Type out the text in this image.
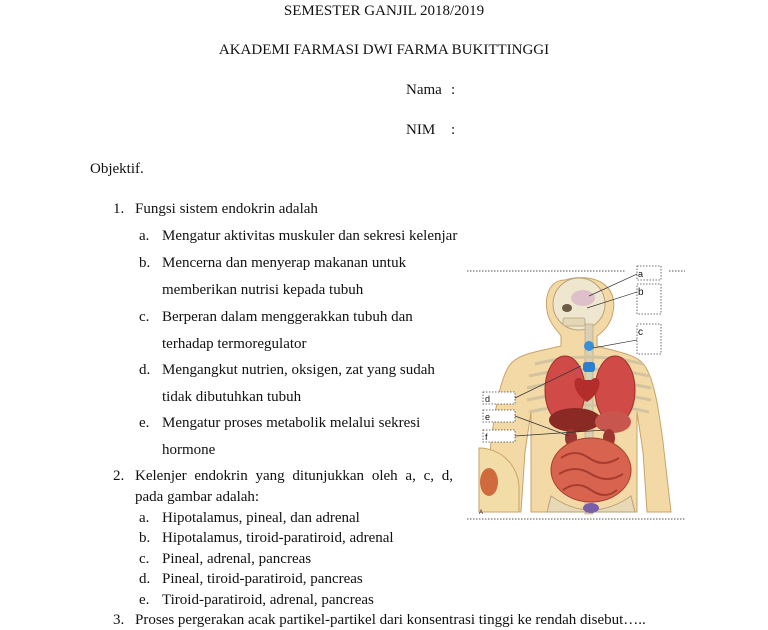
SEMESTER GANJIL 2018/2019
AKADEMI FARMASI DWI FARMA BUKITTINGGI
Nama :
NIM :
Objektif.
1. Fungsi sistem endokrin adalah
a. Mengatur aktivitas muskuler dan sekresi kelenjar
b. Mencerna dan menyerap makanan untuk
memberikan nutrisi kepada tubuh
c. Berperan dalam menggerakkan tubuh dan
terhadap termoregulator
d. Mengangkut nutrien, oksigen, zat yang sudah
tidak dibutuhkan tubuh
e. Mengatur proses metabolik melalui sekresi
hormone
2. Kelenjer endokrin yang ditunjukkan oleh a, c, d,
pada gambar adalah:
a. Hipotalamus, pineal, dan adrenal
b. Hipotalamus, tiroid-paratiroid, adrenal
c. Pineal, adrenal, pancreas
d. Pineal, tiroid-paratiroid, pancreas
e. Tiroid-paratiroid, adrenal, pancreas
3. Proses pergerakan acak partikel-partikel dari konsentrasi tinggi ke rendah disebut…..
a
b
c
d
e
f
A
